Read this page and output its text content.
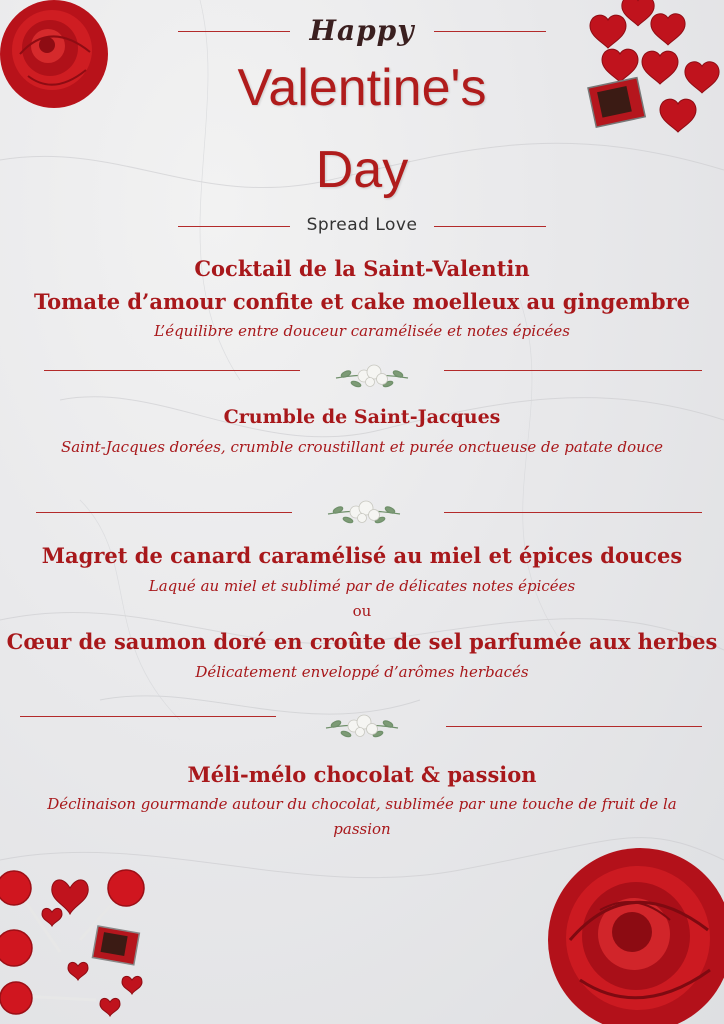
Happy
Valentine's
Day
Spread Love
Cocktail de la Saint-Valentin
Tomate d’amour confite et cake moelleux au gingembre
L’équilibre entre douceur caramélisée et notes épicées
Crumble de Saint-Jacques
Saint-Jacques dorées, crumble croustillant et purée onctueuse de patate douce
Magret de canard caramélisé au miel et épices douces
Laqué au miel et sublimé par de délicates notes épicées
ou
Cœur de saumon doré en croûte de sel parfumée aux herbes
Délicatement enveloppé d’arômes herbacés
Méli-mélo chocolat & passion
Déclinaison gourmande autour du chocolat, sublimée par une touche de fruit de la
passion
